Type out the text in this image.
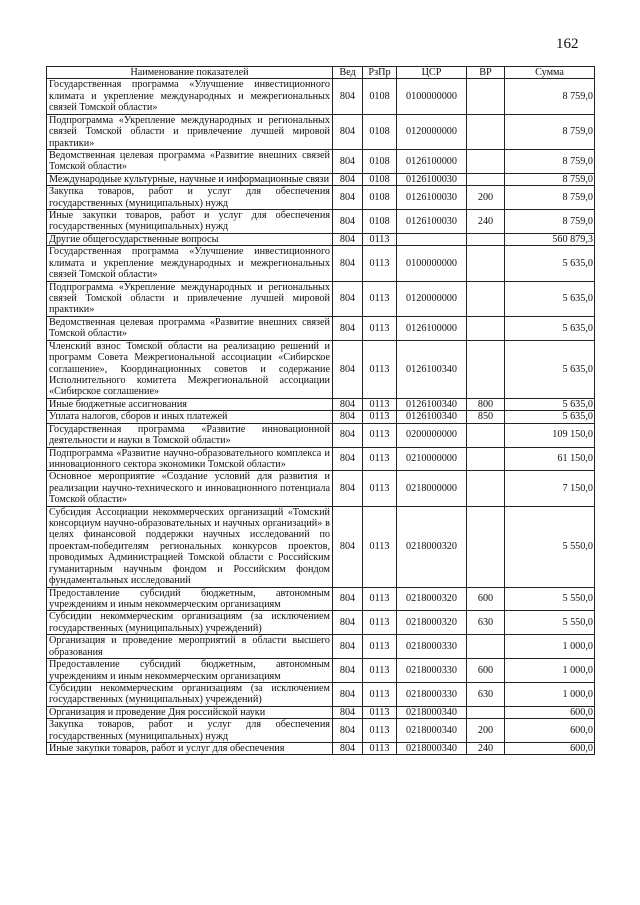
162
Наименование показателей	Вед	РзПр	ЦСР	ВР	Сумма
Государственная программа «Улучшение инвестиционного климата и укрепление международных и межрегиональных связей Томской области»	804	0108	0100000000		8 759,0
Подпрограмма «Укрепление международных и региональных связей Томской области и привлечение лучшей мировой практики»	804	0108	0120000000		8 759,0
Ведомственная целевая программа «Развитие внешних связей Томской области»	804	0108	0126100000		8 759,0
Международные культурные, научные и информационные связи	804	0108	0126100030		8 759,0
Закупка товаров, работ и услуг для обеспечения государственных (муниципальных) нужд	804	0108	0126100030	200	8 759,0
Иные закупки товаров, работ и услуг для обеспечения государственных (муниципальных) нужд	804	0108	0126100030	240	8 759,0
Другие общегосударственные вопросы	804	0113			560 879,3
Государственная программа «Улучшение инвестиционного климата и укрепление международных и межрегиональных связей Томской области»	804	0113	0100000000		5 635,0
Подпрограмма «Укрепление международных и региональных связей Томской области и привлечение лучшей мировой практики»	804	0113	0120000000		5 635,0
Ведомственная целевая программа «Развитие внешних связей Томской области»	804	0113	0126100000		5 635,0
Членский взнос Томской области на реализацию решений и программ Совета Межрегиональной ассоциации «Сибирское соглашение», Координационных советов и содержание Исполнительного комитета Межрегиональной ассоциации «Сибирское соглашение»	804	0113	0126100340		5 635,0
Иные бюджетные ассигнования	804	0113	0126100340	800	5 635,0
Уплата налогов, сборов и иных платежей	804	0113	0126100340	850	5 635,0
Государственная программа «Развитие инновационной деятельности и науки в Томской области»	804	0113	0200000000		109 150,0
Подпрограмма «Развитие научно-образовательного комплекса и инновационного сектора экономики Томской области»	804	0113	0210000000		61 150,0
Основное мероприятие «Создание условий для развития и реализации научно-технического и инновационного потенциала Томской области»	804	0113	0218000000		7 150,0
Субсидия Ассоциации некоммерческих организаций «Томский консорциум научно-образовательных и научных организаций» в целях финансовой поддержки научных исследований по проектам-победителям региональных конкурсов проектов, проводимых Администрацией Томской области с Российским гуманитарным научным фондом и Российским фондом фундаментальных исследований	804	0113	0218000320		5 550,0
Предоставление субсидий бюджетным, автономным учреждениям и иным некоммерческим организациям	804	0113	0218000320	600	5 550,0
Субсидии некоммерческим организациям (за исключением государственных (муниципальных) учреждений)	804	0113	0218000320	630	5 550,0
Организация и проведение мероприятий в области высшего образования	804	0113	0218000330		1 000,0
Предоставление субсидий бюджетным, автономным учреждениям и иным некоммерческим организациям	804	0113	0218000330	600	1 000,0
Субсидии некоммерческим организациям (за исключением государственных (муниципальных) учреждений)	804	0113	0218000330	630	1 000,0
Организация и проведение Дня российской науки	804	0113	0218000340		600,0
Закупка товаров, работ и услуг для обеспечения государственных (муниципальных) нужд	804	0113	0218000340	200	600,0
Иные закупки товаров, работ и услуг для обеспечения	804	0113	0218000340	240	600,0
